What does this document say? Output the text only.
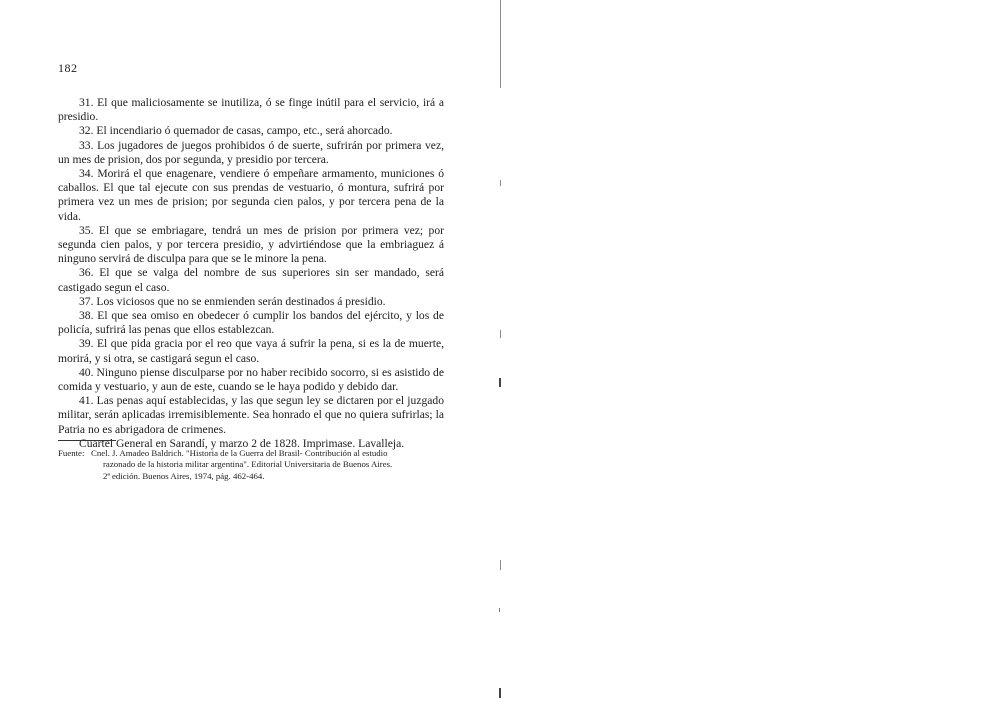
182

31. El que maliciosamente se inutiliza, ó se finge inútil para el servicio, irá a presidio.

32. El incendiario ó quemador de casas, campo, etc., será ahorcado.

33. Los jugadores de juegos prohibidos ó de suerte, sufrirán por primera vez, un mes de prision, dos por segunda, y presidio por tercera.

34. Morirá el que enagenare, vendiere ó empeñare armamento, municiones ó caballos. El que tal ejecute con sus prendas de vestuario, ó montura, sufrirá por primera vez un mes de prision; por segunda cien palos, y por tercera pena de la vida.

35. El que se embriagare, tendrá un mes de prision por primera vez; por segunda cien palos, y por tercera presidio, y advirtiéndose que la embriaguez á ninguno servirá de disculpa para que se le minore la pena.

36. El que se valga del nombre de sus superiores sin ser mandado, será castigado segun el caso.

37. Los viciosos que no se enmienden serán destinados á presidio.

38. El que sea omiso en obedecer ó cumplir los bandos del ejército, y los de policía, sufrirá las penas que ellos establezcan.

39. El que pida gracia por el reo que vaya á sufrir la pena, si es la de muerte, morirá, y si otra, se castigará segun el caso.

40. Ninguno piense disculparse por no haber recibido socorro, si es asistido de comida y vestuario, y aun de este, cuando se le haya podido y debido dar.

41. Las penas aquí establecidas, y las que segun ley se dictaren por el juzgado militar, serán aplicadas irremisiblemente. Sea honrado el que no quiera sufrirlas; la Patria no es abrigadora de crimenes.

Cuartel General en Sarandí, y marzo 2 de 1828. Imprimase. Lavalleja.

Fuente: Cnel. J. Amadeo Baldrich. "Historia de la Guerra del Brasil- Contribución al estudio
razonado de la historia militar argentina". Editorial Universitaria de Buenos Aires.
2ª edición. Buenos Aires, 1974, pág. 462-464.
